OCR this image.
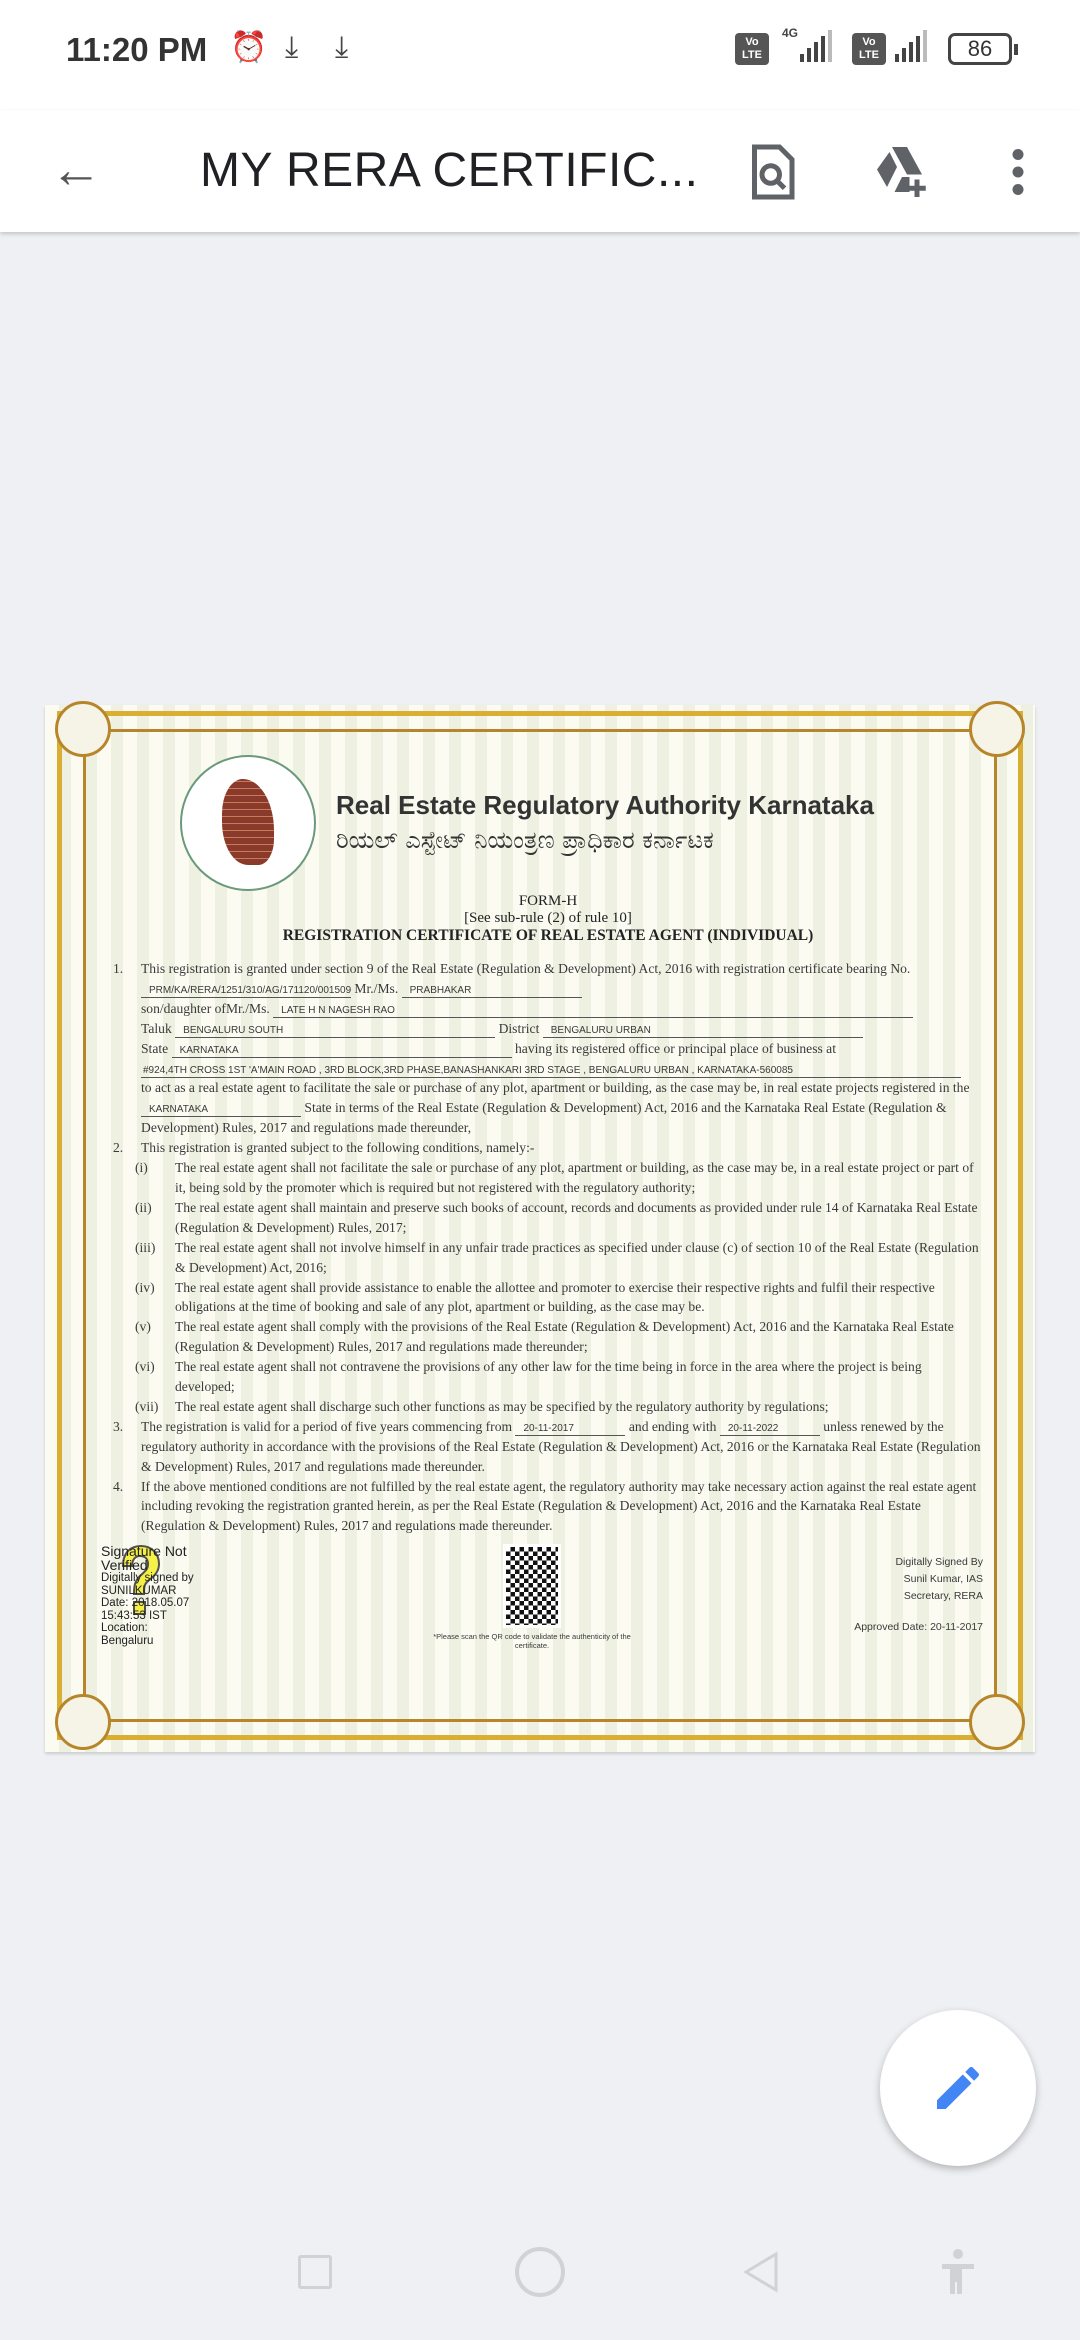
11:20 PM ⏰ ⤓ ⤓	Vo LTE
4G
Vo LTE	86
← MY RERA CERTIFIC...
Real Estate Regulatory Authority Karnataka
ರಿಯಲ್ ಎಸ್ಟೇಟ್ ನಿಯಂತ್ರಣ ಪ್ರಾಧಿಕಾರ ಕರ್ನಾಟಕ
FORM-H
[See sub-rule (2) of rule 10]
REGISTRATION CERTIFICATE OF REAL ESTATE AGENT (INDIVIDUAL)
1.	This registration is granted under section 9 of the Real Estate (Regulation & Development) Act, 2016 with registration certificate bearing No. PRM/KA/RERA/1251/310/AG/171120/001509 Mr./Ms. PRABHAKAR
son/daughter ofMr./Ms. LATE H N NAGESH RAO
Taluk BENGALURU SOUTH	District BENGALURU URBAN
State KARNATAKA	having its registered office or principal place of business at
#924,4TH CROSS 1ST 'A'MAIN ROAD , 3RD BLOCK,3RD PHASE,BANASHANKARI 3RD STAGE , BENGALURU URBAN , KARNATAKA-560085
to act as a real estate agent to facilitate the sale or purchase of any plot, apartment or building, as the case may be, in real estate projects registered in the KARNATAKA	State in terms of the Real Estate (Regulation & Development) Act, 2016 and the Karnataka Real Estate (Regulation & Development) Rules, 2017 and regulations made thereunder,
2.	This registration is granted subject to the following conditions, namely:-
(i)	The real estate agent shall not facilitate the sale or purchase of any plot, apartment or building, as the case may be, in a real estate project or part of it, being sold by the promoter which is required but not registered with the regulatory authority;
(ii)	The real estate agent shall maintain and preserve such books of account, records and documents as provided under rule 14 of Karnataka Real Estate (Regulation & Development) Rules, 2017;
(iii)	The real estate agent shall not involve himself in any unfair trade practices as specified under clause (c) of section 10 of the Real Estate (Regulation & Development) Act, 2016;
(iv)	The real estate agent shall provide assistance to enable the allottee and promoter to exercise their respective rights and fulfil their respective obligations at the time of booking and sale of any plot, apartment or building, as the case may be.
(v)	The real estate agent shall comply with the provisions of the Real Estate (Regulation & Development) Act, 2016 and the Karnataka Real Estate (Regulation & Development) Rules, 2017 and regulations made thereunder;
(vi)	The real estate agent shall not contravene the provisions of any other law for the time being in force in the area where the project is being developed;
(vii)	The real estate agent shall discharge such other functions as may be specified by the regulatory authority by regulations;
3.	The registration is valid for a period of five years commencing from 20-11-2017	and ending with 20-11-2022	unless renewed by the regulatory authority in accordance with the provisions of the Real Estate (Regulation & Development) Act, 2016 or the Karnataka Real Estate (Regulation & Development) Rules, 2017 and regulations made thereunder.
4.	If the above mentioned conditions are not fulfilled by the real estate agent, the regulatory authority may take necessary action against the real estate agent including revoking the registration granted herein, as per the Real Estate (Regulation & Development) Act, 2016 and the Karnataka Real Estate (Regulation & Development) Rules, 2017 and regulations made thereunder.
Signature Not Verified
Digitally signed by
SUNILKUMAR
Date: 2018.05.07
15:43:53 IST
Location:
Bengaluru	*Please scan the QR code to validate the authenticity of the certificate.
Digitally Signed By
Sunil Kumar, IAS
Secretary, RERA
Approved Date: 20-11-2017
